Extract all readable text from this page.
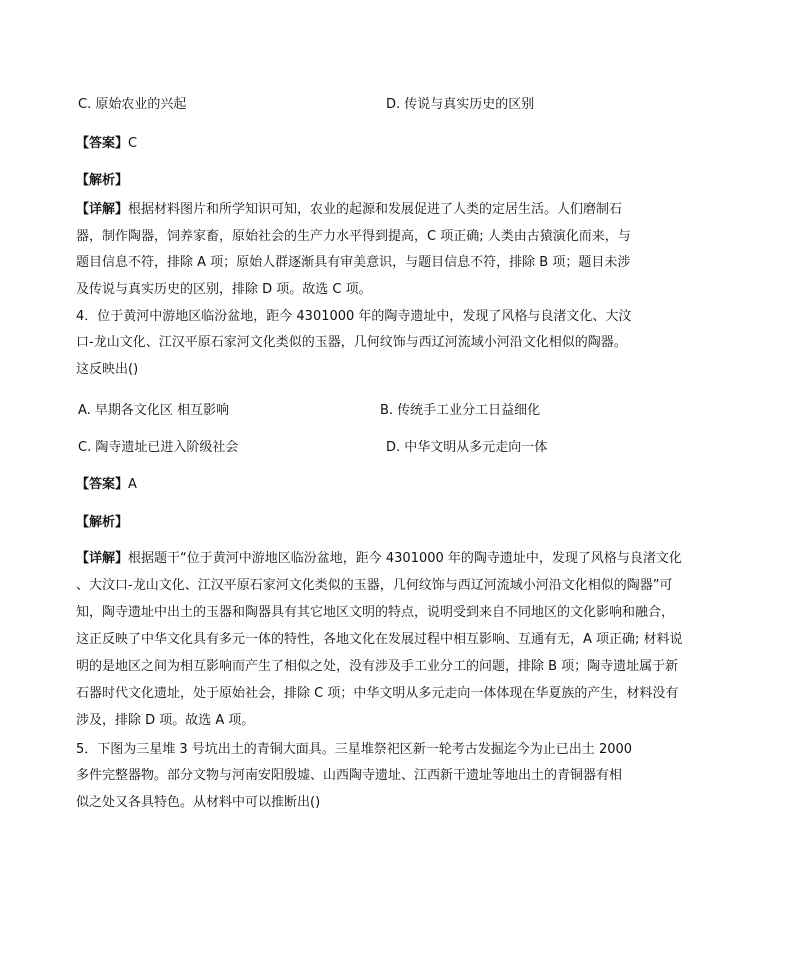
C. 原始农业的兴起	D. 传说与真实历史的区别
【答案】C
【解析】
【详解】根据材料图片和所学知识可知，农业的起源和发展促进了人类的定居生活。人们磨制石
器，制作陶器，饲养家畜，原始社会的生产力水平得到提高，C 项正确; 人类由古猿演化而来，与
题目信息不符，排除 A 项；原始人群逐渐具有审美意识，与题目信息不符，排除 B 项；题目未涉
及传说与真实历史的区别，排除 D 项。故选 C 项。
4．位于黄河中游地区临汾盆地，距今 4301000 年的陶寺遗址中，发现了风格与良渚文化、大汶
口-龙山文化、江汉平原石家河文化类似的玉器，几何纹饰与西辽河流域小河沿文化相似的陶器。
这反映出()
A. 早期各文化区 相互影响	B. 传统手工业分工日益细化
C. 陶寺遗址已进入阶级社会	D. 中华文明从多元走向一体
【答案】A
【解析】
【详解】根据题干“位于黄河中游地区临汾盆地，距今 4301000 年的陶寺遗址中，发现了风格与良渚文化
、大汶口-龙山文化、江汉平原石家河文化类似的玉器，几何纹饰与西辽河流域小河沿文化相似的陶器”可
知，陶寺遗址中出土的玉器和陶器具有其它地区文明的特点，说明受到来自不同地区的文化影响和融合，
这正反映了中华文化具有多元一体的特性，各地文化在发展过程中相互影响、互通有无，A 项正确; 材料说
明的是地区之间为相互影响而产生了相似之处，没有涉及手工业分工的问题，排除 B 项；陶寺遗址属于新
石器时代文化遗址，处于原始社会，排除 C 项；中华文明从多元走向一体体现在华夏族的产生，材料没有
涉及，排除 D 项。故选 A 项。
5．下图为三星堆 3 号坑出土的青铜大面具。三星堆祭祀区新一轮考古发掘迄今为止已出土 2000
多件完整器物。部分文物与河南安阳殷墟、山西陶寺遗址、江西新干遗址等地出土的青铜器有相
似之处又各具特色。从材料中可以推断出()
